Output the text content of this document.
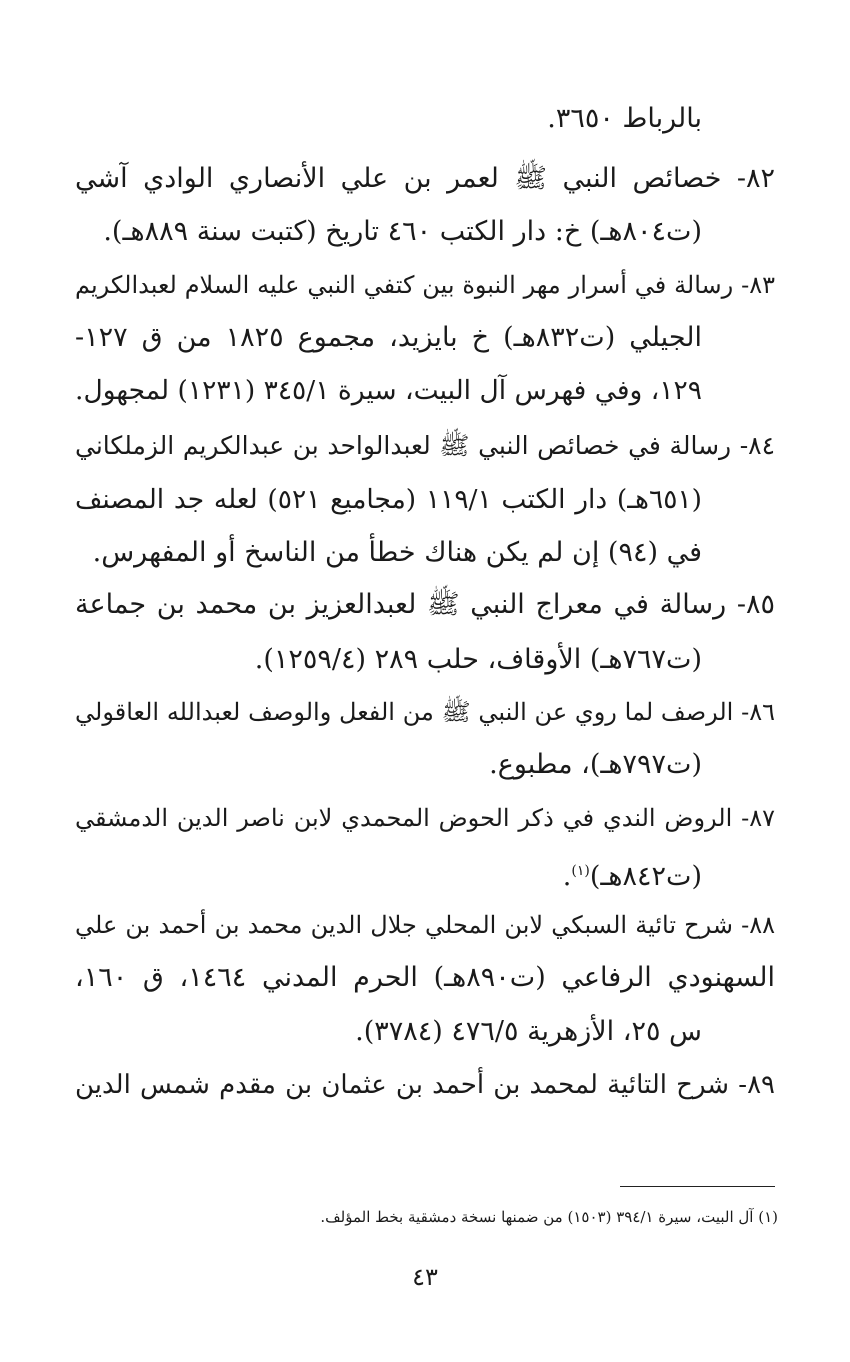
بالرباط ٣٦٥٠.
٨٢- خصائص النبي ﷺ لعمر بن علي الأنصاري الوادي آشي
(ت٨٠٤هـ) خ: دار الكتب ٤٦٠ تاريخ (كتبت سنة ٨٨٩هـ).
٨٣- رسالة في أسرار مهر النبوة بين كتفي النبي عليه السلام لعبدالكريم
الجيلي (ت٨٣٢هـ) خ بايزيد، مجموع ١٨٢٥ من ق ١٢٧-
١٢٩، وفي فهرس آل البيت، سيرة ٣٤٥/١ (١٢٣١) لمجهول.
٨٤- رسالة في خصائص النبي ﷺ لعبدالواحد بن عبدالكريم الزملكاني
(٦٥١هـ) دار الكتب ١١٩/١ (مجاميع ٥٢١) لعله جد المصنف
في (٩٤) إن لم يكن هناك خطأ من الناسخ أو المفهرس.
٨٥- رسالة في معراج النبي ﷺ لعبدالعزيز بن محمد بن جماعة
(ت٧٦٧هـ) الأوقاف، حلب ٢٨٩ (١٢٥٩/٤).
٨٦- الرصف لما روي عن النبي ﷺ من الفعل والوصف لعبدالله العاقولي
(ت٧٩٧هـ)، مطبوع.
٨٧- الروض الندي في ذكر الحوض المحمدي لابن ناصر الدين الدمشقي
(ت٨٤٢هـ)$^{(١)}$.
٨٨- شرح تائية السبكي لابن المحلي جلال الدين محمد بن أحمد بن علي
السهنودي الرفاعي (ت٨٩٠هـ) الحرم المدني ١٤٦٤، ق ١٦٠،
س ٢٥، الأزهرية ٤٧٦/٥ (٣٧٨٤).
٨٩- شرح التائية لمحمد بن أحمد بن عثمان بن مقدم شمس الدين
(١) آل البيت، سيرة ٣٩٤/١ (١٥٠٣) من ضمنها نسخة دمشقية بخط المؤلف.
٤٣
